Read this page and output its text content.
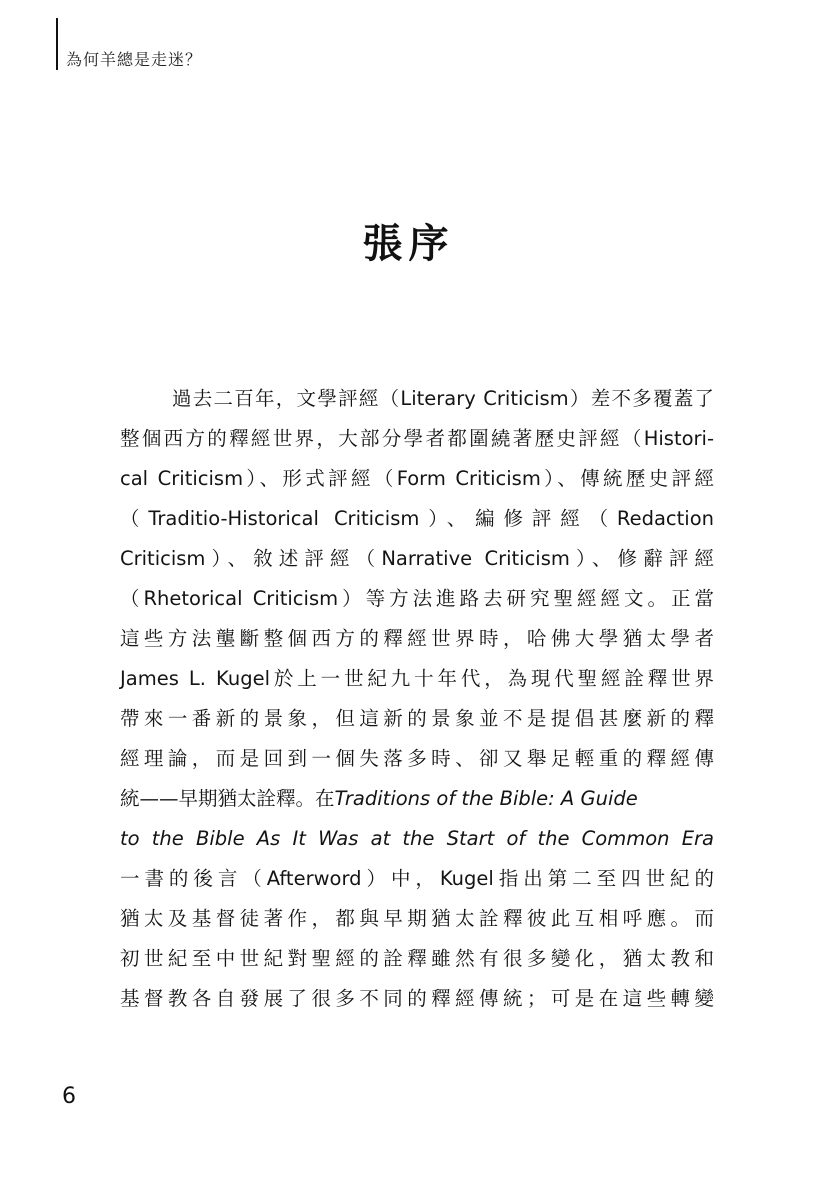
為何羊總是走迷？
張序
過去二百年，文學評經（Literary Criticism）差不多覆蓋了
整個西方的釋經世界，大部分學者都圍繞著歷史評經（Histori-
cal Criticism）、形式評經（Form Criticism）、傳統歷史評經
（Traditio-Historical Criticism）、編修評經（Redaction
Criticism）、敘述評經（Narrative Criticism）、修辭評經
（Rhetorical Criticism）等方法進路去研究聖經經文。正當
這些方法壟斷整個西方的釋經世界時，哈佛大學猶太學者
James L. Kugel於上一世紀九十年代，為現代聖經詮釋世界
帶來一番新的景象，但這新的景象並不是提倡甚麼新的釋
經理論，而是回到一個失落多時、卻又舉足輕重的釋經傳
統——早期猶太詮釋。在Traditions of the Bible: A Guide
to the Bible As It Was at the Start of the Common Era
一書的後言（Afterword）中，Kugel指出第二至四世紀的
猶太及基督徒著作，都與早期猶太詮釋彼此互相呼應。而
初世紀至中世紀對聖經的詮釋雖然有很多變化，猶太教和
基督教各自發展了很多不同的釋經傳統；可是在這些轉變
6
